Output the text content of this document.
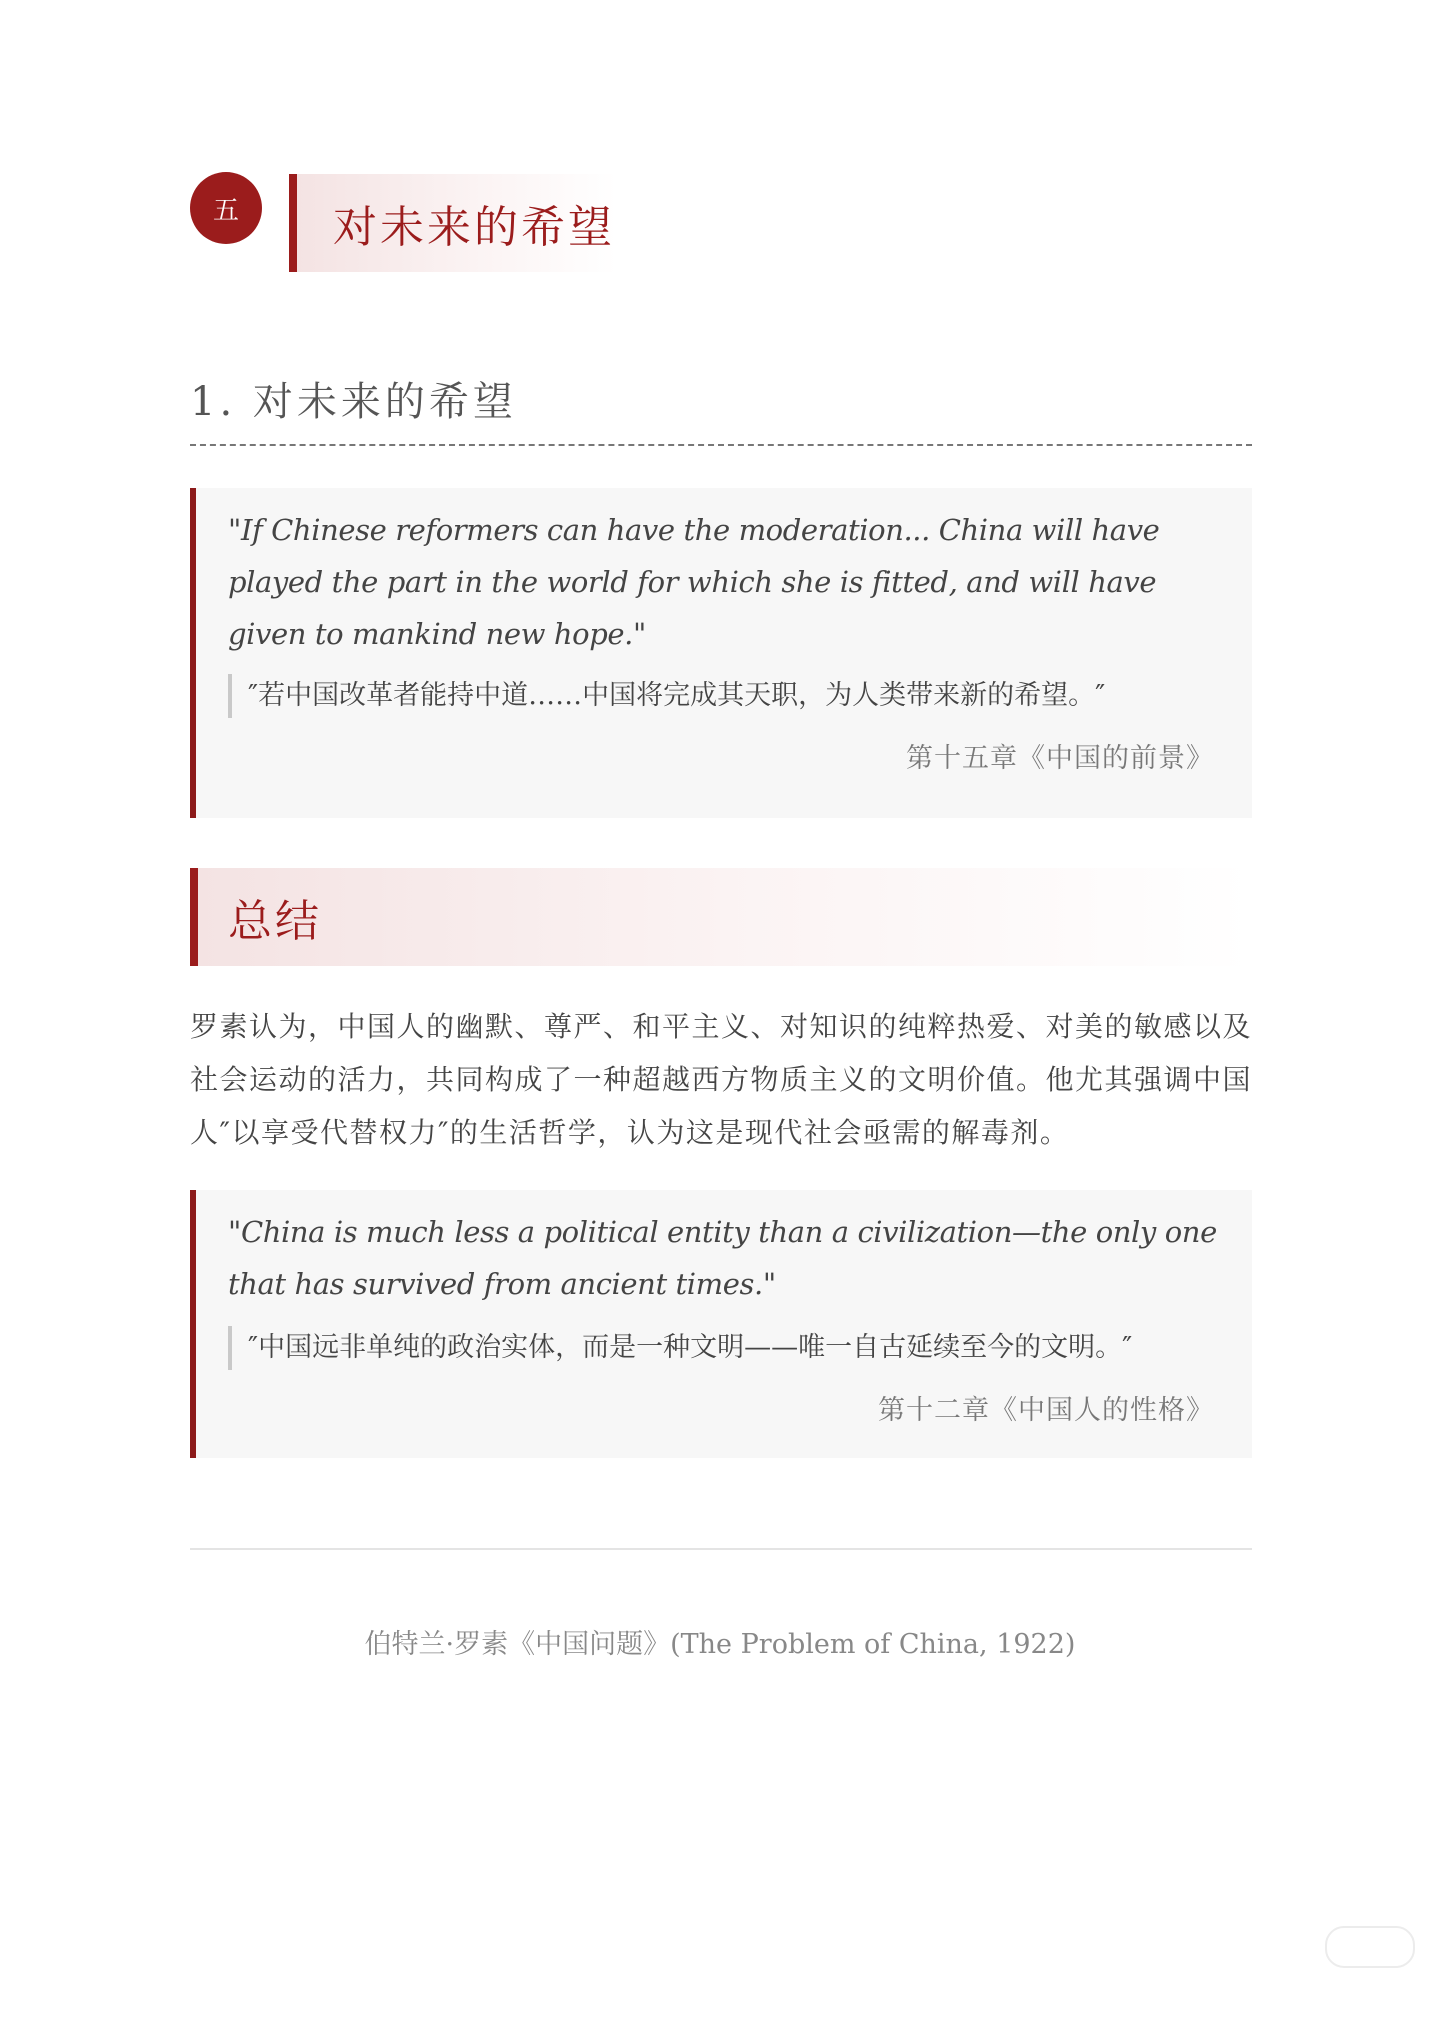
五 对未来的希望
1. 对未来的希望
"If Chinese reformers can have the moderation... China will have played the part in the world for which she is fitted, and will have given to mankind new hope."
″若中国改革者能持中道……中国将完成其天职，为人类带来新的希望。″
第十五章《中国的前景》
总结
罗素认为，中国人的幽默、尊严、和平主义、对知识的纯粹热爱、对美的敏感以及社会运动的活力，共同构成了一种超越西方物质主义的文明价值。他尤其强调中国人″以享受代替权力″的生活哲学，认为这是现代社会亟需的解毒剂。
"China is much less a political entity than a civilization—the only one that has survived from ancient times."
″中国远非单纯的政治实体，而是一种文明——唯一自古延续至今的文明。″
第十二章《中国人的性格》
伯特兰·罗素《中国问题》(The Problem of China, 1922)
